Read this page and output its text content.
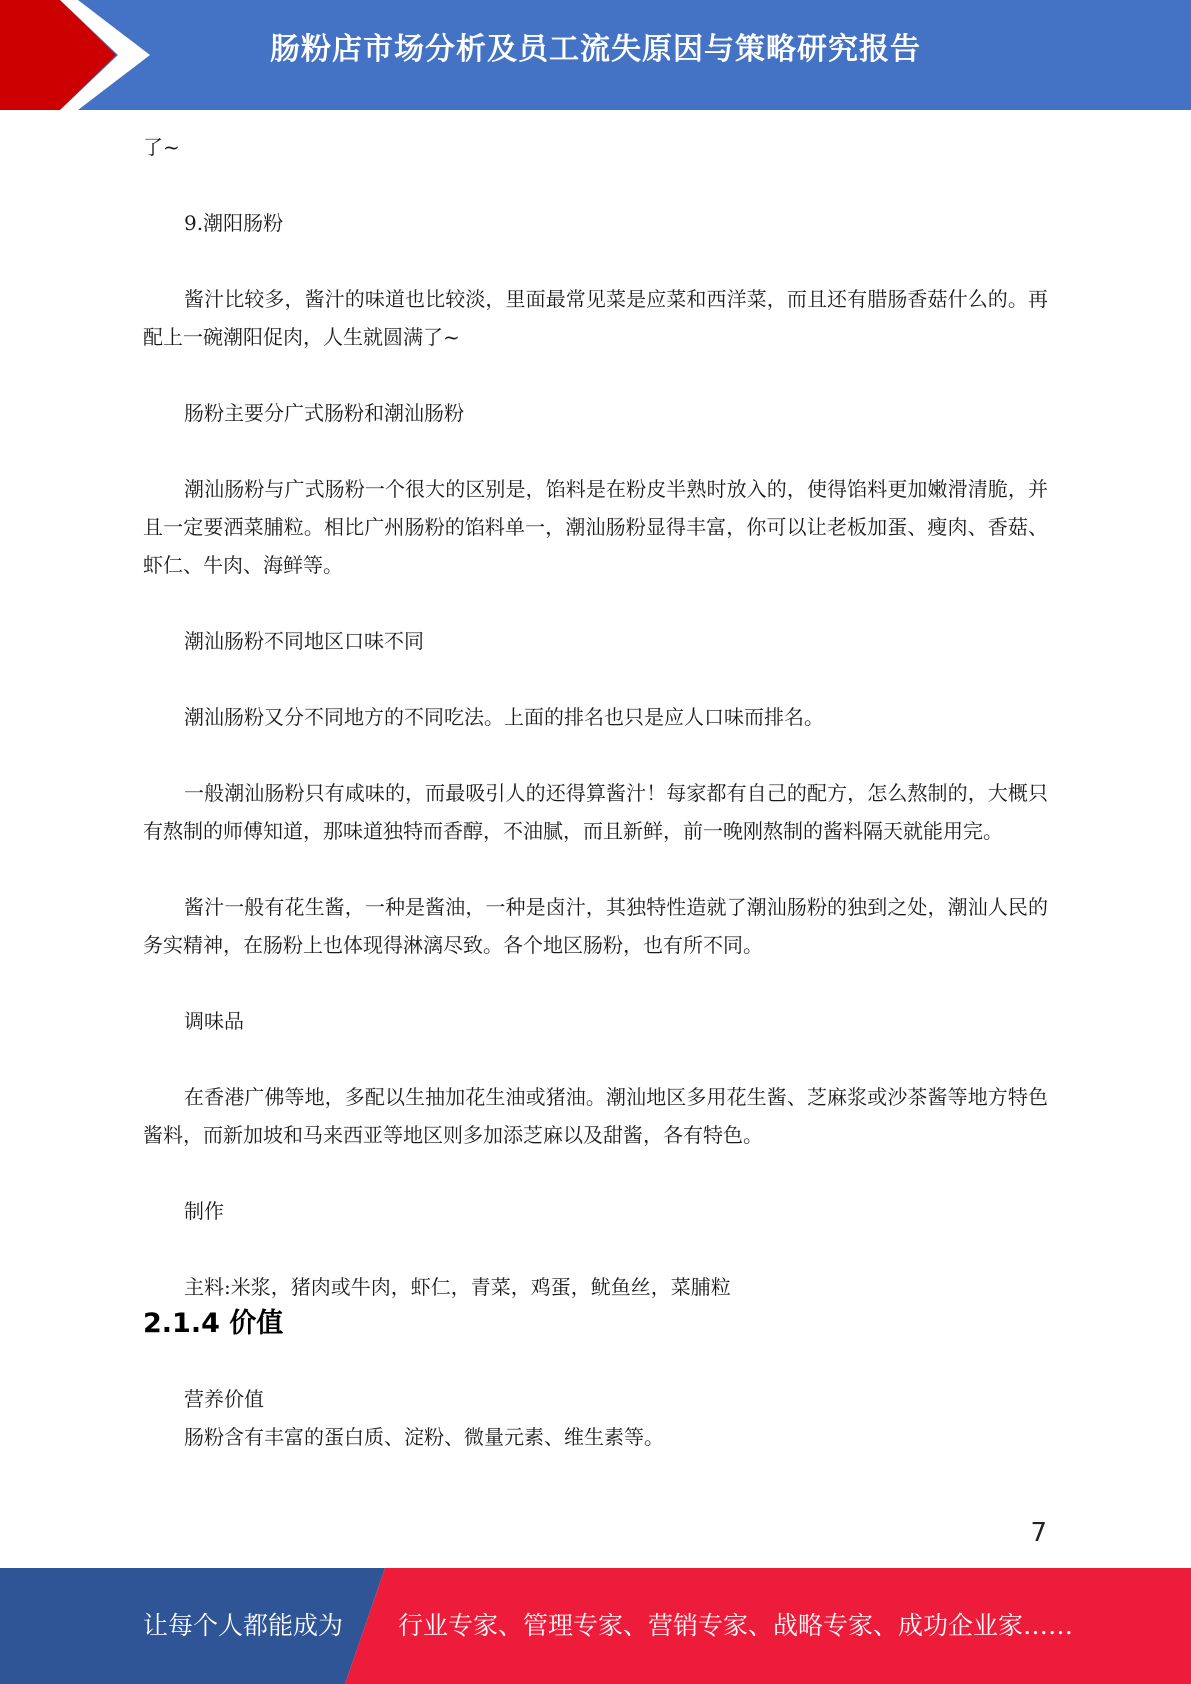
肠粉店市场分析及员工流失原因与策略研究报告

了~

9.潮阳肠粉

酱汁比较多，酱汁的味道也比较淡，里面最常见菜是应菜和西洋菜，而且还有腊肠香菇什么的。再配上一碗潮阳促肉，人生就圆满了~

肠粉主要分广式肠粉和潮汕肠粉

潮汕肠粉与广式肠粉一个很大的区别是，馅料是在粉皮半熟时放入的，使得馅料更加嫩滑清脆，并且一定要洒菜脯粒。相比广州肠粉的馅料单一，潮汕肠粉显得丰富，你可以让老板加蛋、瘦肉、香菇、虾仁、牛肉、海鲜等。

潮汕肠粉不同地区口味不同

潮汕肠粉又分不同地方的不同吃法。上面的排名也只是应人口味而排名。

一般潮汕肠粉只有咸味的，而最吸引人的还得算酱汁！每家都有自己的配方，怎么熬制的，大概只有熬制的师傅知道，那味道独特而香醇，不油腻，而且新鲜，前一晚刚熬制的酱料隔天就能用完。

酱汁一般有花生酱，一种是酱油，一种是卤汁，其独特性造就了潮汕肠粉的独到之处，潮汕人民的务实精神，在肠粉上也体现得淋漓尽致。各个地区肠粉，也有所不同。

调味品

在香港广佛等地，多配以生抽加花生油或猪油。潮汕地区多用花生酱、芝麻浆或沙茶酱等地方特色酱料，而新加坡和马来西亚等地区则多加添芝麻以及甜酱，各有特色。

制作

主料:米浆，猪肉或牛肉，虾仁，青菜，鸡蛋，鱿鱼丝，菜脯粒

2.1.4 价值

营养价值

肠粉含有丰富的蛋白质、淀粉、微量元素、维生素等。

7
让每个人都能成为 行业专家、管理专家、营销专家、战略专家、成功企业家……
